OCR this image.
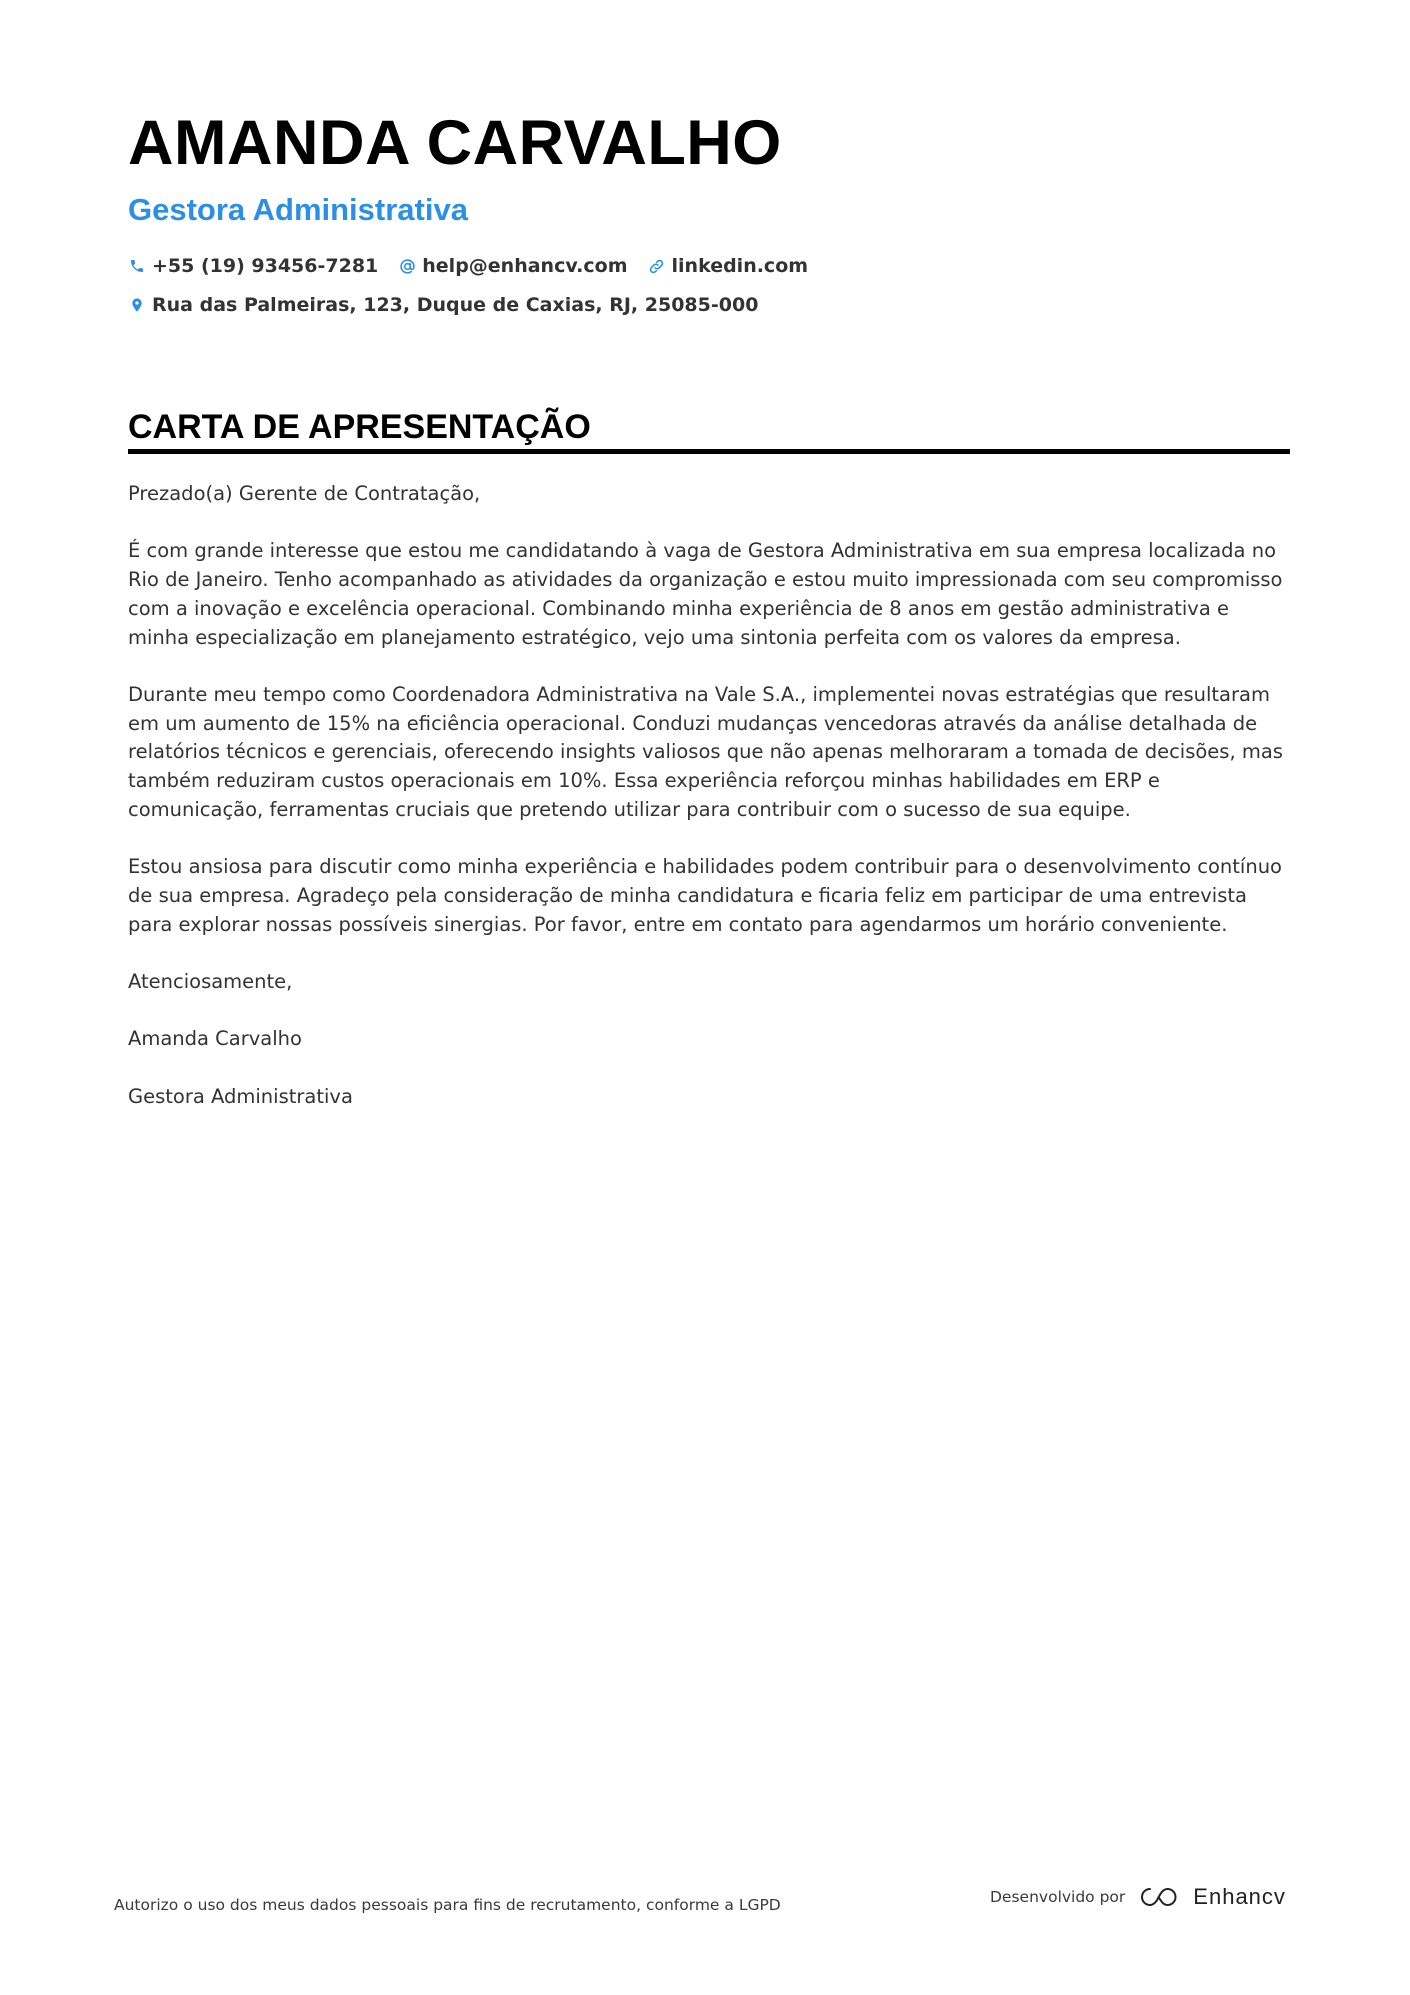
AMANDA CARVALHO
Gestora Administrativa
+55 (19) 93456-7281 help@enhancv.com linkedin.com
Rua das Palmeiras, 123, Duque de Caxias, RJ, 25085-000
CARTA DE APRESENTAÇÃO

Prezado(a) Gerente de Contratação,

É com grande interesse que estou me candidatando à vaga de Gestora Administrativa em sua empresa localizada no Rio de Janeiro. Tenho acompanhado as atividades da organização e estou muito impressionada com seu compromisso com a inovação e excelência operacional. Combinando minha experiência de 8 anos em gestão administrativa e minha especialização em planejamento estratégico, vejo uma sintonia perfeita com os valores da empresa.

Durante meu tempo como Coordenadora Administrativa na Vale S.A., implementei novas estratégias que resultaram em um aumento de 15% na eficiência operacional. Conduzi mudanças vencedoras através da análise detalhada de relatórios técnicos e gerenciais, oferecendo insights valiosos que não apenas melhoraram a tomada de decisões, mas também reduziram custos operacionais em 10%. Essa experiência reforçou minhas habilidades em ERP e comunicação, ferramentas cruciais que pretendo utilizar para contribuir com o sucesso de sua equipe.

Estou ansiosa para discutir como minha experiência e habilidades podem contribuir para o desenvolvimento contínuo de sua empresa. Agradeço pela consideração de minha candidatura e ficaria feliz em participar de uma entrevista para explorar nossas possíveis sinergias. Por favor, entre em contato para agendarmos um horário conveniente.

Atenciosamente,

Amanda Carvalho

Gestora Administrativa

Autorizo o uso dos meus dados pessoais para fins de recrutamento, conforme a LGPD	Desenvolvido por	Enhancv
